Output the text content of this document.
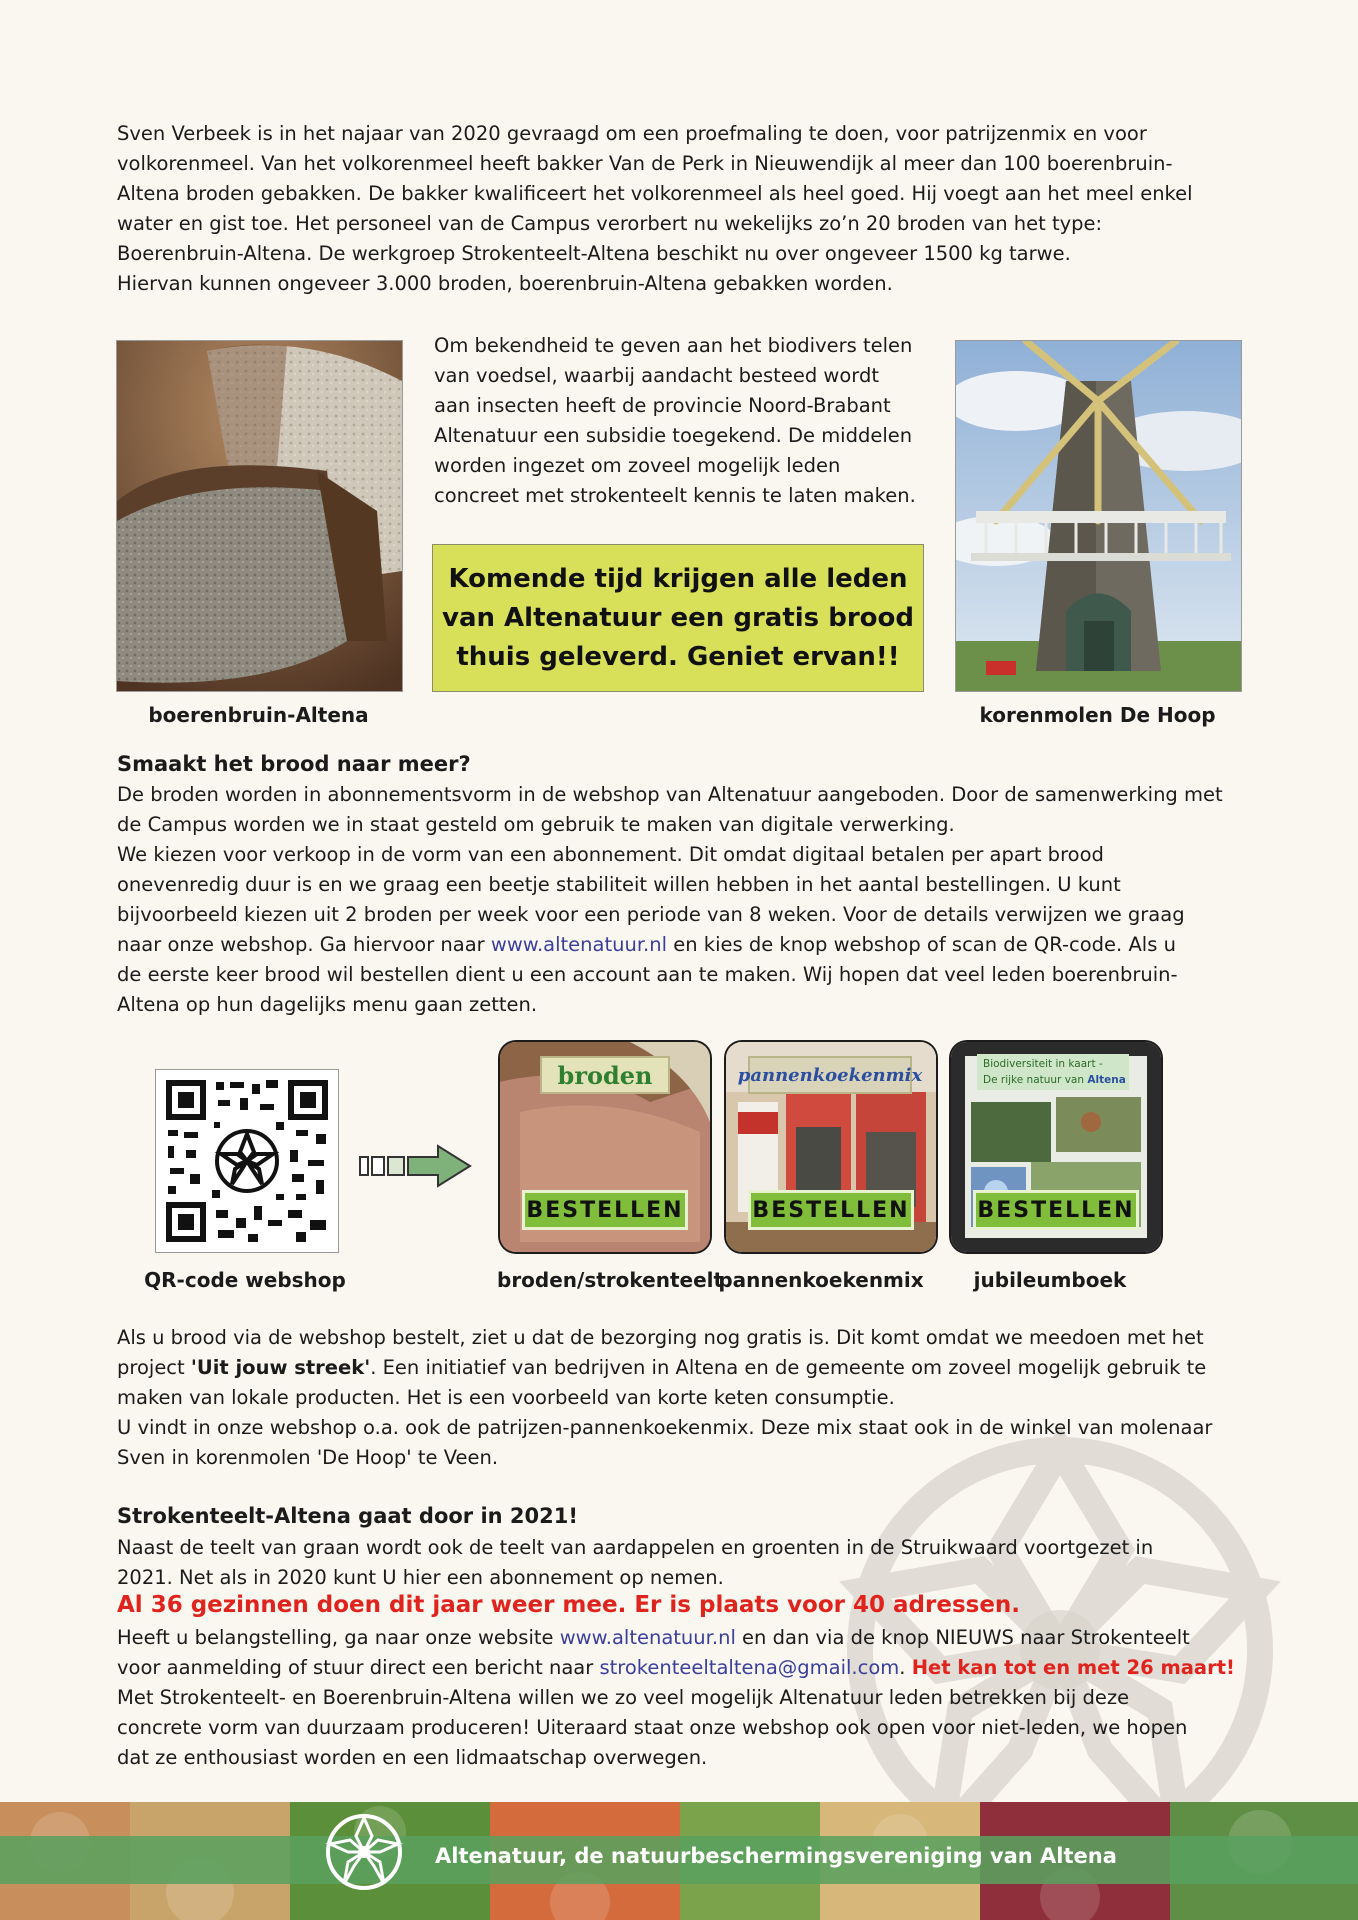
Sven Verbeek is in het najaar van 2020 gevraagd om een proefmaling te doen, voor patrijzenmix en voor
volkorenmeel. Van het volkorenmeel heeft bakker Van de Perk in Nieuwendijk al meer dan 100 boerenbruin-
Altena broden gebakken. De bakker kwalificeert het volkorenmeel als heel goed. Hij voegt aan het meel enkel
water en gist toe. Het personeel van de Campus verorbert nu wekelijks zo’n 20 broden van het type:
Boerenbruin-Altena. De werkgroep Strokenteelt-Altena beschikt nu over ongeveer 1500 kg tarwe.
Hiervan kunnen ongeveer 3.000 broden, boerenbruin-Altena gebakken worden.

boerenbruin-Altena

Om bekendheid te geven aan het biodivers telen
van voedsel, waarbij aandacht besteed wordt
aan insecten heeft de provincie Noord-Brabant
Altenatuur een subsidie toegekend. De middelen
worden ingezet om zoveel mogelijk leden
concreet met strokenteelt kennis te laten maken.

Komende tijd krijgen alle leden
van Altenatuur een gratis brood
thuis geleverd. Geniet ervan!!
korenmolen De Hoop
Smaakt het brood naar meer?

De broden worden in abonnementsvorm in de webshop van Altenatuur aangeboden. Door de samenwerking met
de Campus worden we in staat gesteld om gebruik te maken van digitale verwerking.
We kiezen voor verkoop in de vorm van een abonnement. Dit omdat digitaal betalen per apart brood
onevenredig duur is en we graag een beetje stabiliteit willen hebben in het aantal bestellingen. U kunt
bijvoorbeeld kiezen uit 2 broden per week voor een periode van 8 weken. Voor de details verwijzen we graag
naar onze webshop. Ga hiervoor naar www.altenatuur.nl en kies de knop webshop of scan de QR-code. Als u
de eerste keer brood wil bestellen dient u een account aan te maken. Wij hopen dat veel leden boerenbruin-
Altena op hun dagelijks menu gaan zetten.

QR-code webshop
broden
BESTELLEN
broden/strokenteelt
pannenkoekenmix
BESTELLEN
pannenkoekenmix
Biodiversiteit in kaart -
De rijke natuur van Altena
BESTELLEN
jubileumboek

Als u brood via de webshop bestelt, ziet u dat de bezorging nog gratis is. Dit komt omdat we meedoen met het
project 'Uit jouw streek'. Een initiatief van bedrijven in Altena en de gemeente om zoveel mogelijk gebruik te
maken van lokale producten. Het is een voorbeeld van korte keten consumptie.
U vindt in onze webshop o.a. ook de patrijzen-pannenkoekenmix. Deze mix staat ook in de winkel van molenaar
Sven in korenmolen 'De Hoop' te Veen.

Strokenteelt-Altena gaat door in 2021!

Naast de teelt van graan wordt ook de teelt van aardappelen en groenten in de Struikwaard voortgezet in
2021. Net als in 2020 kunt U hier een abonnement op nemen.

Al 36 gezinnen doen dit jaar weer mee. Er is plaats voor 40 adressen.

Heeft u belangstelling, ga naar onze website www.altenatuur.nl en dan via de knop NIEUWS naar Strokenteelt
voor aanmelding of stuur direct een bericht naar strokenteeltaltena@gmail.com. Het kan tot en met 26 maart!
Met Strokenteelt- en Boerenbruin-Altena willen we zo veel mogelijk Altenatuur leden betrekken bij deze
concrete vorm van duurzaam produceren! Uiteraard staat onze webshop ook open voor niet-leden, we hopen
dat ze enthousiast worden en een lidmaatschap overwegen.

Altenatuur, de natuurbeschermingsvereniging van Altena
